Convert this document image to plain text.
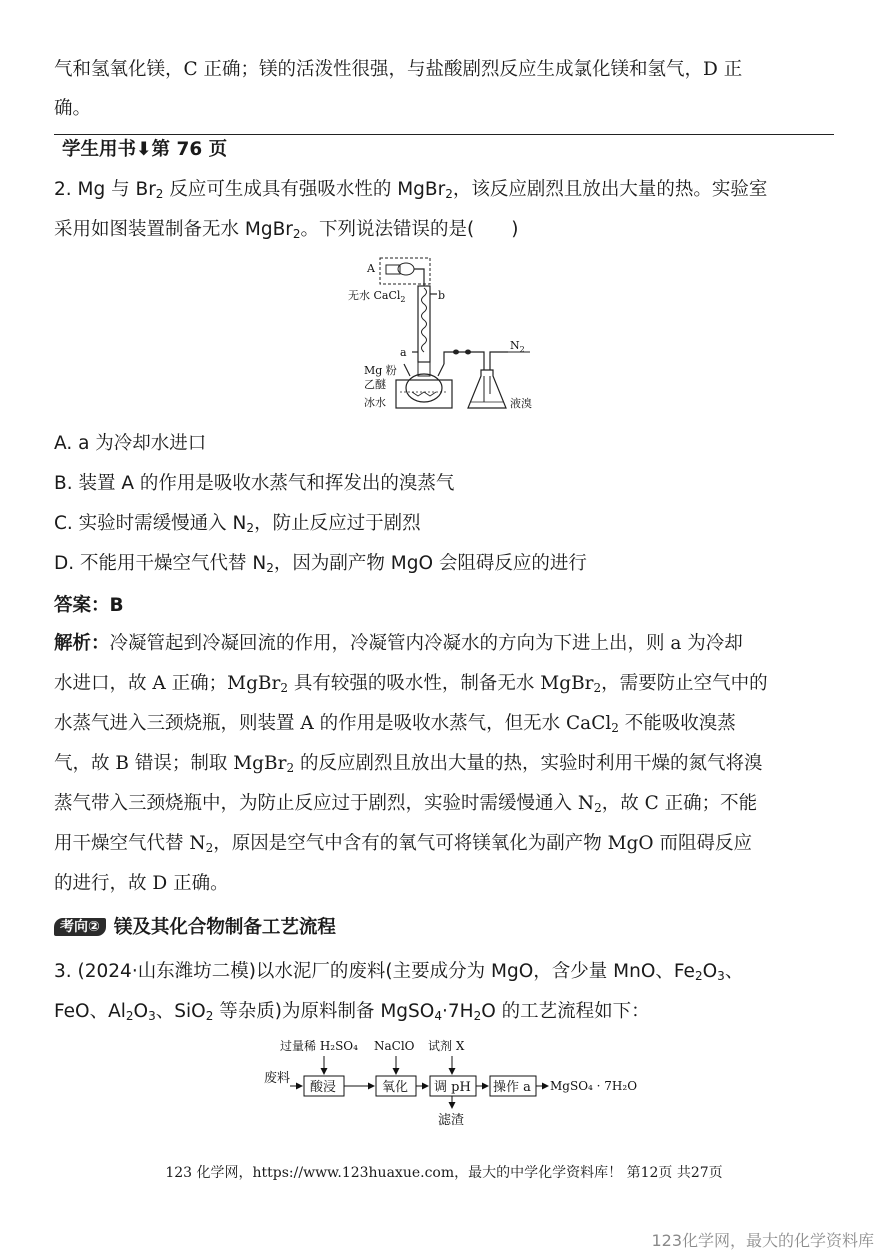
气和氢氧化镁，C 正确；镁的活泼性很强，与盐酸剧烈反应生成氯化镁和氢气，D 正
确。
学生用书⬇第 76 页
2. Mg 与 $Br_2$ 反应可生成具有强吸水性的 MgBr$_2$，该反应剧烈且放出大量的热。实验室
采用如图装置制备无水 MgBr$_2$。下列说法错误的是(　　)
A
无水 CaCl$_2$	b
a
Mg 粉
乙醚
冰水
$N_2$
液溴
A. a 为冷却水进口
B. 装置 A 的作用是吸收水蒸气和挥发出的溴蒸气
C. 实验时需缓慢通入 $N_2$，防止反应过于剧烈
D. 不能用干燥空气代替 $N_2$，因为副产物 MgO 会阻碍反应的进行
答案：B
解析：冷凝管起到冷凝回流的作用，冷凝管内冷凝水的方向为下进上出，则 a 为冷却
水进口，故 A 正确；MgBr$_2$ 具有较强的吸水性，制备无水 MgBr$_2$，需要防止空气中的
水蒸气进入三颈烧瓶，则装置 A 的作用是吸收水蒸气，但无水 CaCl$_2$ 不能吸收溴蒸
气，故 B 错误；制取 MgBr$_2$ 的反应剧烈且放出大量的热，实验时利用干燥的氮气将溴
蒸气带入三颈烧瓶中，为防止反应过于剧烈，实验时需缓慢通入 $N_2$，故 C 正确；不能
用干燥空气代替 $N_2$，原因是空气中含有的氧气可将镁氧化为副产物 MgO 而阻碍反应
的进行，故 D 正确。
考向② 镁及其化合物制备工艺流程
3. (2024·山东潍坊二模)以水泥厂的废料(主要成分为 MgO，含少量 MnO、$Fe_2O_3$、
FeO、$Al_2O_3$、SiO$_2$ 等杂质)为原料制备 $MgSO_4\cdot 7H_2O$ 的工艺流程如下：
过量稀 H₂SO₄ NaClO 试剂 X
废料
酸浸	氧化 调 pH
滤渣
操作 a MgSO₄ · 7H₂O
123 化学网，https://www.123huaxue.com，最大的中学化学资料库！ 第12页 共27页
123化学网，最大的化学资料库
